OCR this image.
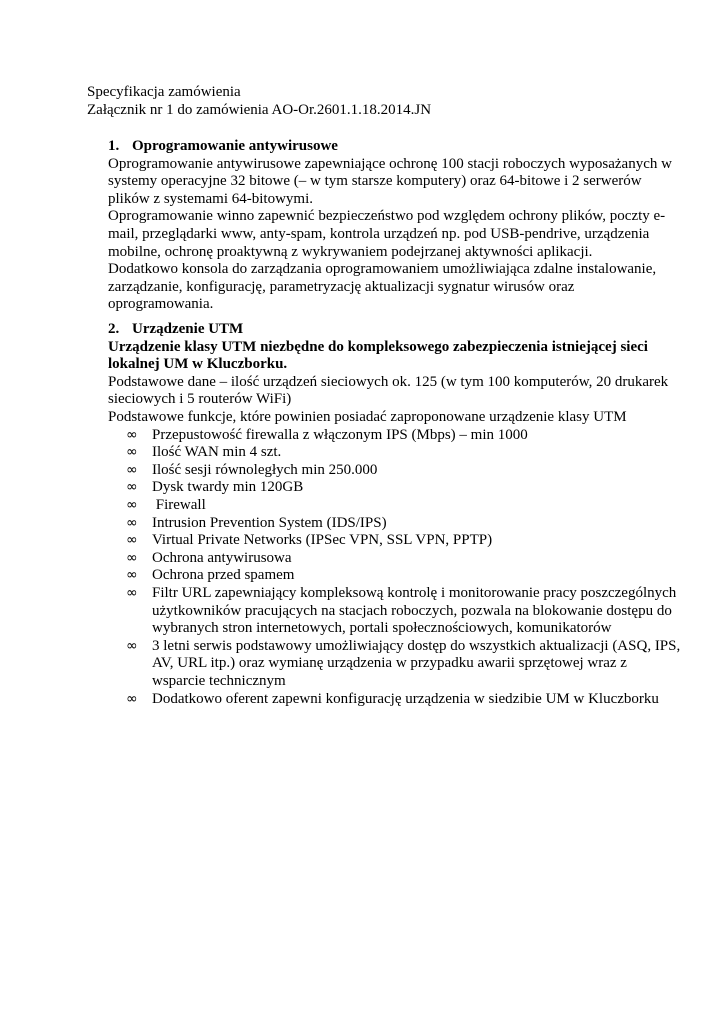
Specyfikacja zamówienia
Załącznik nr 1 do zamówienia AO-Or.2601.1.18.2014.JN
1. Oprogramowanie antywirusowe
Oprogramowanie antywirusowe zapewniające ochronę 100 stacji roboczych wyposażanych w
systemy operacyjne 32 bitowe (– w tym starsze komputery) oraz 64-bitowe i 2 serwerów
plików z systemami 64-bitowymi.
Oprogramowanie winno zapewnić bezpieczeństwo pod względem ochrony plików, poczty e-
mail, przeglądarki www, anty-spam, kontrola urządzeń np. pod USB-pendrive, urządzenia
mobilne, ochronę proaktywną z wykrywaniem podejrzanej aktywności aplikacji.
Dodatkowo konsola do zarządzania oprogramowaniem umożliwiająca zdalne instalowanie,
zarządzanie, konfigurację, parametryzację aktualizacji sygnatur wirusów oraz
oprogramowania.
2. Urządzenie UTM
Urządzenie klasy UTM niezbędne do kompleksowego zabezpieczenia istniejącej sieci
lokalnej UM w Kluczborku.
Podstawowe dane – ilość urządzeń sieciowych ok. 125 (w tym 100 komputerów, 20 drukarek
sieciowych i 5 routerów WiFi)
Podstawowe funkcje, które powinien posiadać zaproponowane urządzenie klasy UTM
∞ Przepustowość firewalla z włączonym IPS (Mbps) – min 1000
∞ Ilość WAN min 4 szt.
∞ Ilość sesji równoległych min 250.000
∞ Dysk twardy min 120GB
∞ Firewall
∞ Intrusion Prevention System (IDS/IPS)
∞ Virtual Private Networks (IPSec VPN, SSL VPN, PPTP)
∞ Ochrona antywirusowa
∞ Ochrona przed spamem
∞ Filtr URL zapewniający kompleksową kontrolę i monitorowanie pracy poszczególnych
użytkowników pracujących na stacjach roboczych, pozwala na blokowanie dostępu do
wybranych stron internetowych, portali społecznościowych, komunikatorów
∞ 3 letni serwis podstawowy umożliwiający dostęp do wszystkich aktualizacji (ASQ, IPS,
AV, URL itp.) oraz wymianę urządzenia w przypadku awarii sprzętowej wraz z
wsparcie technicznym
∞ Dodatkowo oferent zapewni konfigurację urządzenia w siedzibie UM w Kluczborku
